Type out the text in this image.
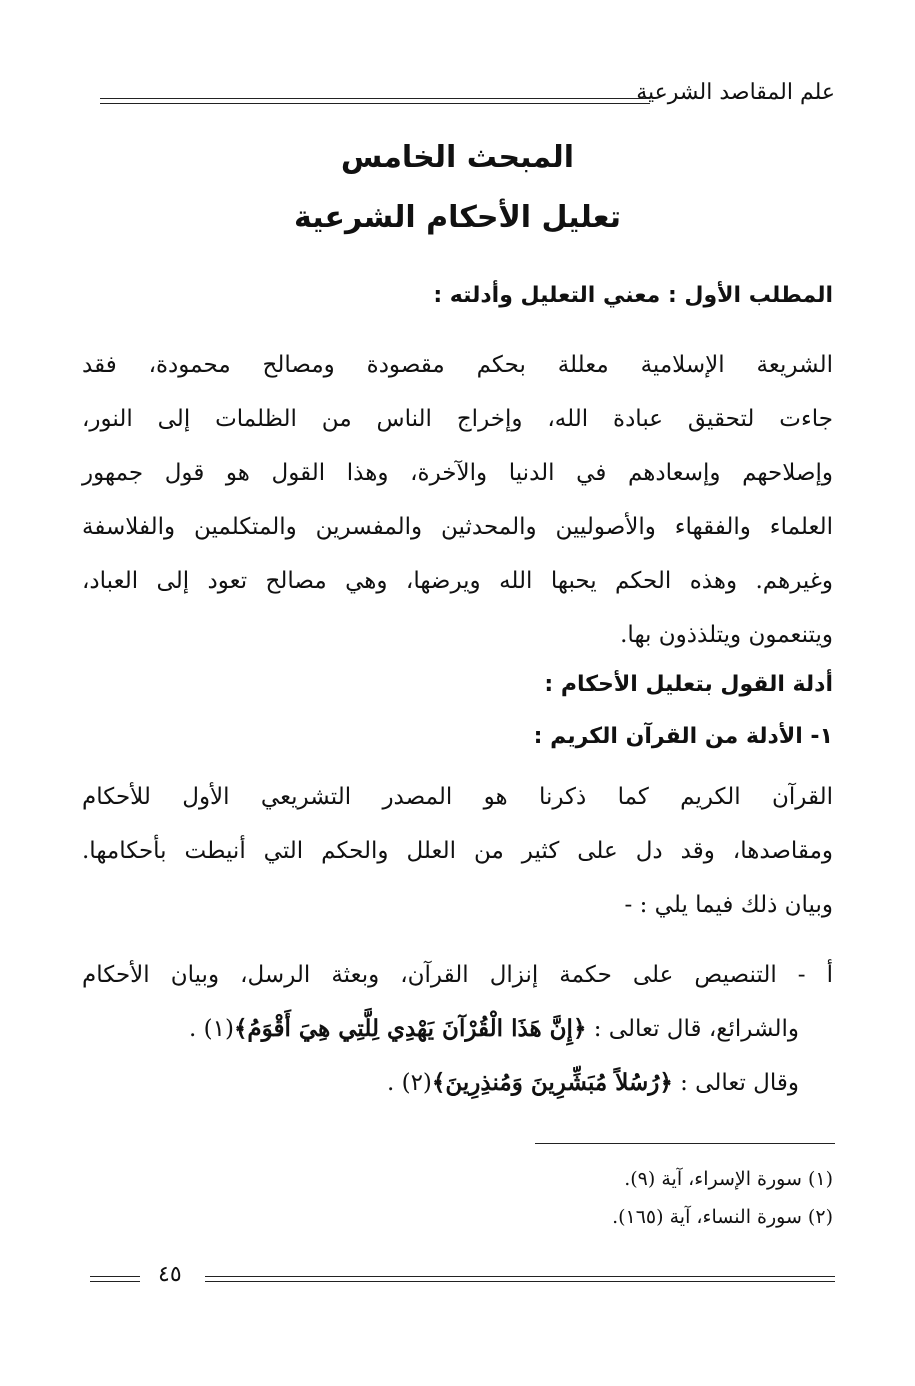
علم المقاصد الشرعية
المبحث الخامس
تعليل الأحكام الشرعية
المطلب الأول : معني التعليل وأدلته :

الشريعة الإسلامية معللة بحكم مقصودة ومصالح محمودة، فقد
جاءت لتحقيق عبادة الله، وإخراج الناس من الظلمات إلى النور،
وإصلاحهم وإسعادهم في الدنيا والآخرة، وهذا القول هو قول جمهور
العلماء والفقهاء والأصوليين والمحدثين والمفسرين والمتكلمين والفلاسفة
وغيرهم. وهذه الحكم يحبها الله ويرضها، وهي مصالح تعود إلى العباد،
ويتنعمون ويتلذذون بها.

أدلة القول بتعليل الأحكام :
١- الأدلة من القرآن الكريم :

القرآن الكريم كما ذكرنا هو المصدر التشريعي الأول للأحكام
ومقاصدها، وقد دل على كثير من العلل والحكم التي أنيطت بأحكامها.
وبيان ذلك فيما يلي : -

أ - التنصيص على حكمة إنزال القرآن، وبعثة الرسل، وبيان الأحكام
والشرائع، قال تعالى : ﴿إِنَّ هَذَا الْقُرْآنَ يَهْدِي لِلَّتِي هِيَ أَقْوَمُ﴾(١) .
وقال تعالى : ﴿رُسُلاً مُبَشِّرِينَ وَمُنذِرِينَ﴾(٢) .

(١) سورة الإسراء، آية (٩).
(٢) سورة النساء، آية (١٦٥).
٤٥
